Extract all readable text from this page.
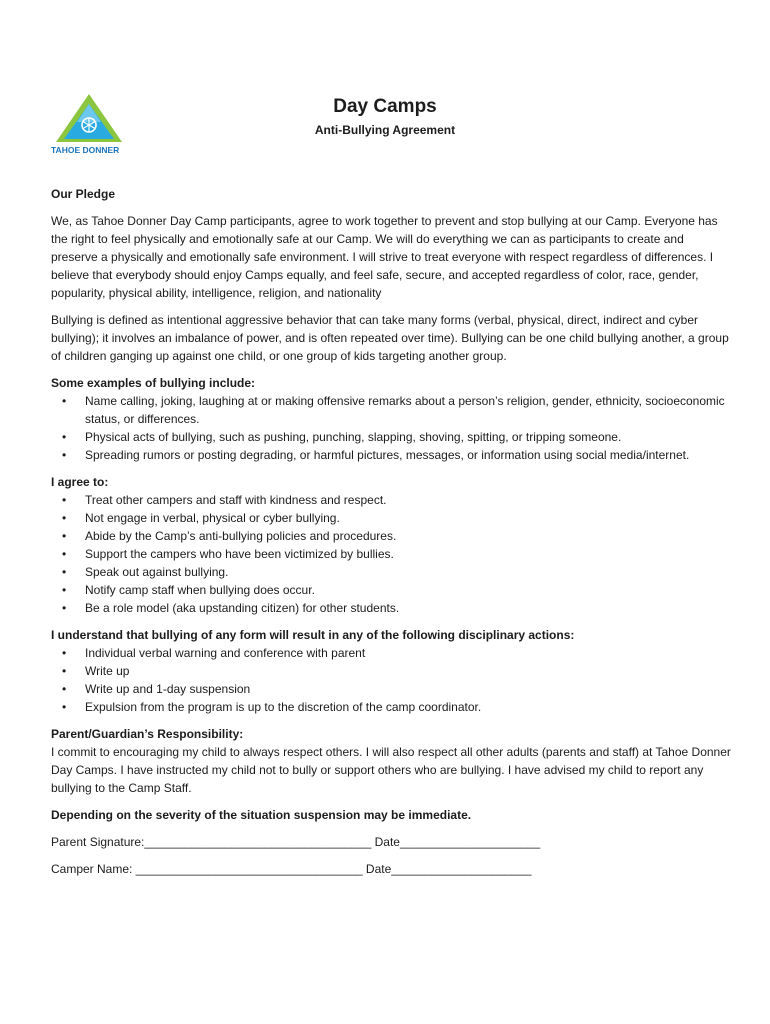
TAHOE DONNER
Day Camps
Anti-Bullying Agreement

Our Pledge

We, as Tahoe Donner Day Camp participants, agree to work together to prevent and stop bullying at our Camp. Everyone has the right to feel physically and emotionally safe at our Camp. We will do everything we can as participants to create and preserve a physically and emotionally safe environment. I will strive to treat everyone with respect regardless of differences. I believe that everybody should enjoy Camps equally, and feel safe, secure, and accepted regardless of color, race, gender, popularity, physical ability, intelligence, religion, and nationality

Bullying is defined as intentional aggressive behavior that can take many forms (verbal, physical, direct, indirect and cyber bullying); it involves an imbalance of power, and is often repeated over time). Bullying can be one child bullying another, a group of children ganging up against one child, or one group of kids targeting another group.

Some examples of bullying include:

• Name calling, joking, laughing at or making offensive remarks about a person’s religion, gender, ethnicity, socioeconomic status, or differences.
• Physical acts of bullying, such as pushing, punching, slapping, shoving, spitting, or tripping someone.
• Spreading rumors or posting degrading, or harmful pictures, messages, or information using social media/internet.

I agree to:

• Treat other campers and staff with kindness and respect.
• Not engage in verbal, physical or cyber bullying.
• Abide by the Camp’s anti-bullying policies and procedures.
• Support the campers who have been victimized by bullies.
• Speak out against bullying.
• Notify camp staff when bullying does occur.
• Be a role model (aka upstanding citizen) for other students.

I understand that bullying of any form will result in any of the following disciplinary actions:

• Individual verbal warning and conference with parent
• Write up
• Write up and 1-day suspension
• Expulsion from the program is up to the discretion of the camp coordinator.

Parent/Guardian’s Responsibility:

I commit to encouraging my child to always respect others. I will also respect all other adults (parents and staff) at Tahoe Donner Day Camps. I have instructed my child not to bully or support others who are bullying. I have advised my child to report any bullying to the Camp Staff.

Depending on the severity of the situation suspension may be immediate.

Parent Signature:__________________________________ Date_____________________

Camper Name: __________________________________ Date_____________________
